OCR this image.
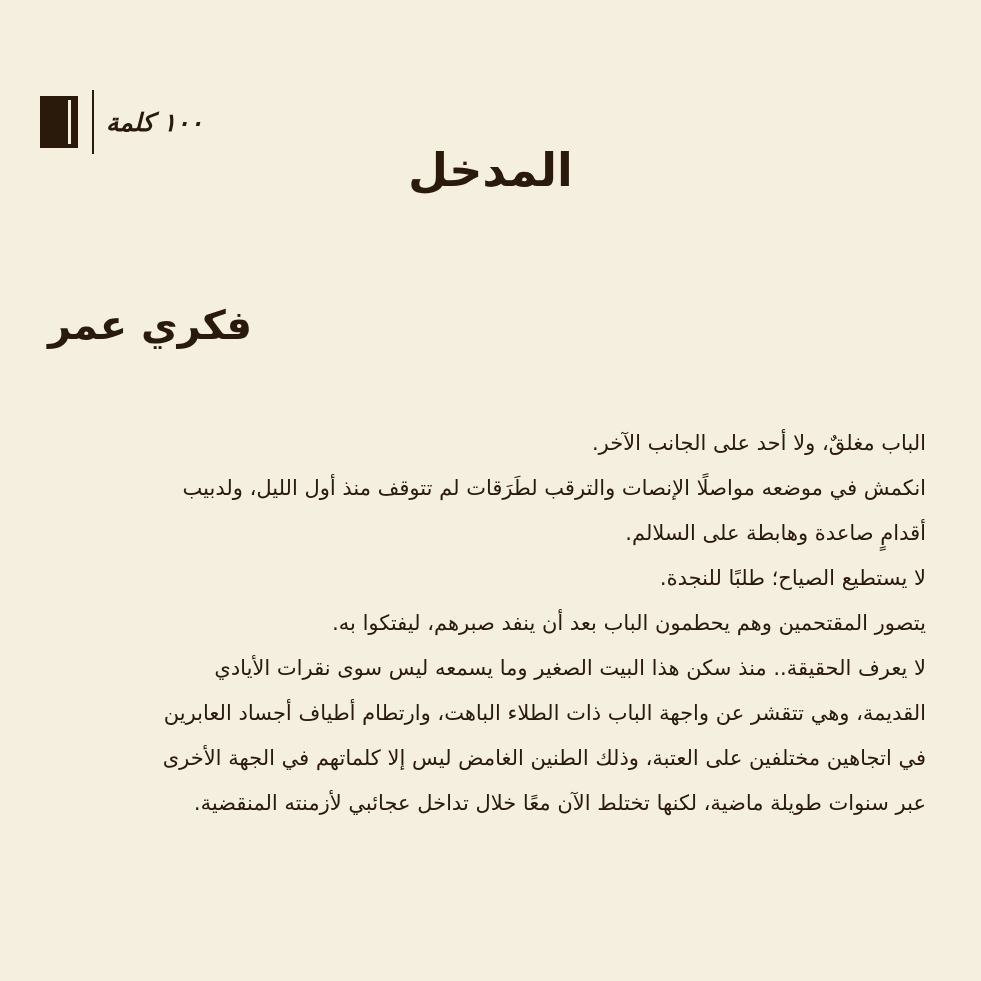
١٠٠ كلمة
المدخل
فكري عمر
الباب مغلقٌ، ولا أحد على الجانب الآخر.
انكمش في موضعه مواصلًا الإنصات والترقب لطَرَقات لم تتوقف منذ أول الليل، ولدبيب
أقدامٍ صاعدة وهابطة على السلالم.
لا يستطيع الصياح؛ طلبًا للنجدة.
يتصور المقتحمين وهم يحطمون الباب بعد أن ينفد صبرهم، ليفتكوا به.
لا يعرف الحقيقة.. منذ سكن هذا البيت الصغير وما يسمعه ليس سوى نقرات الأيادي
القديمة، وهي تتقشر عن واجهة الباب ذات الطلاء الباهت، وارتطام أطياف أجساد العابرين
في اتجاهين مختلفين على العتبة، وذلك الطنين الغامض ليس إلا كلماتهم في الجهة الأخرى
عبر سنوات طويلة ماضية، لكنها تختلط الآن معًا خلال تداخل عجائبي لأزمنته المنقضية.
